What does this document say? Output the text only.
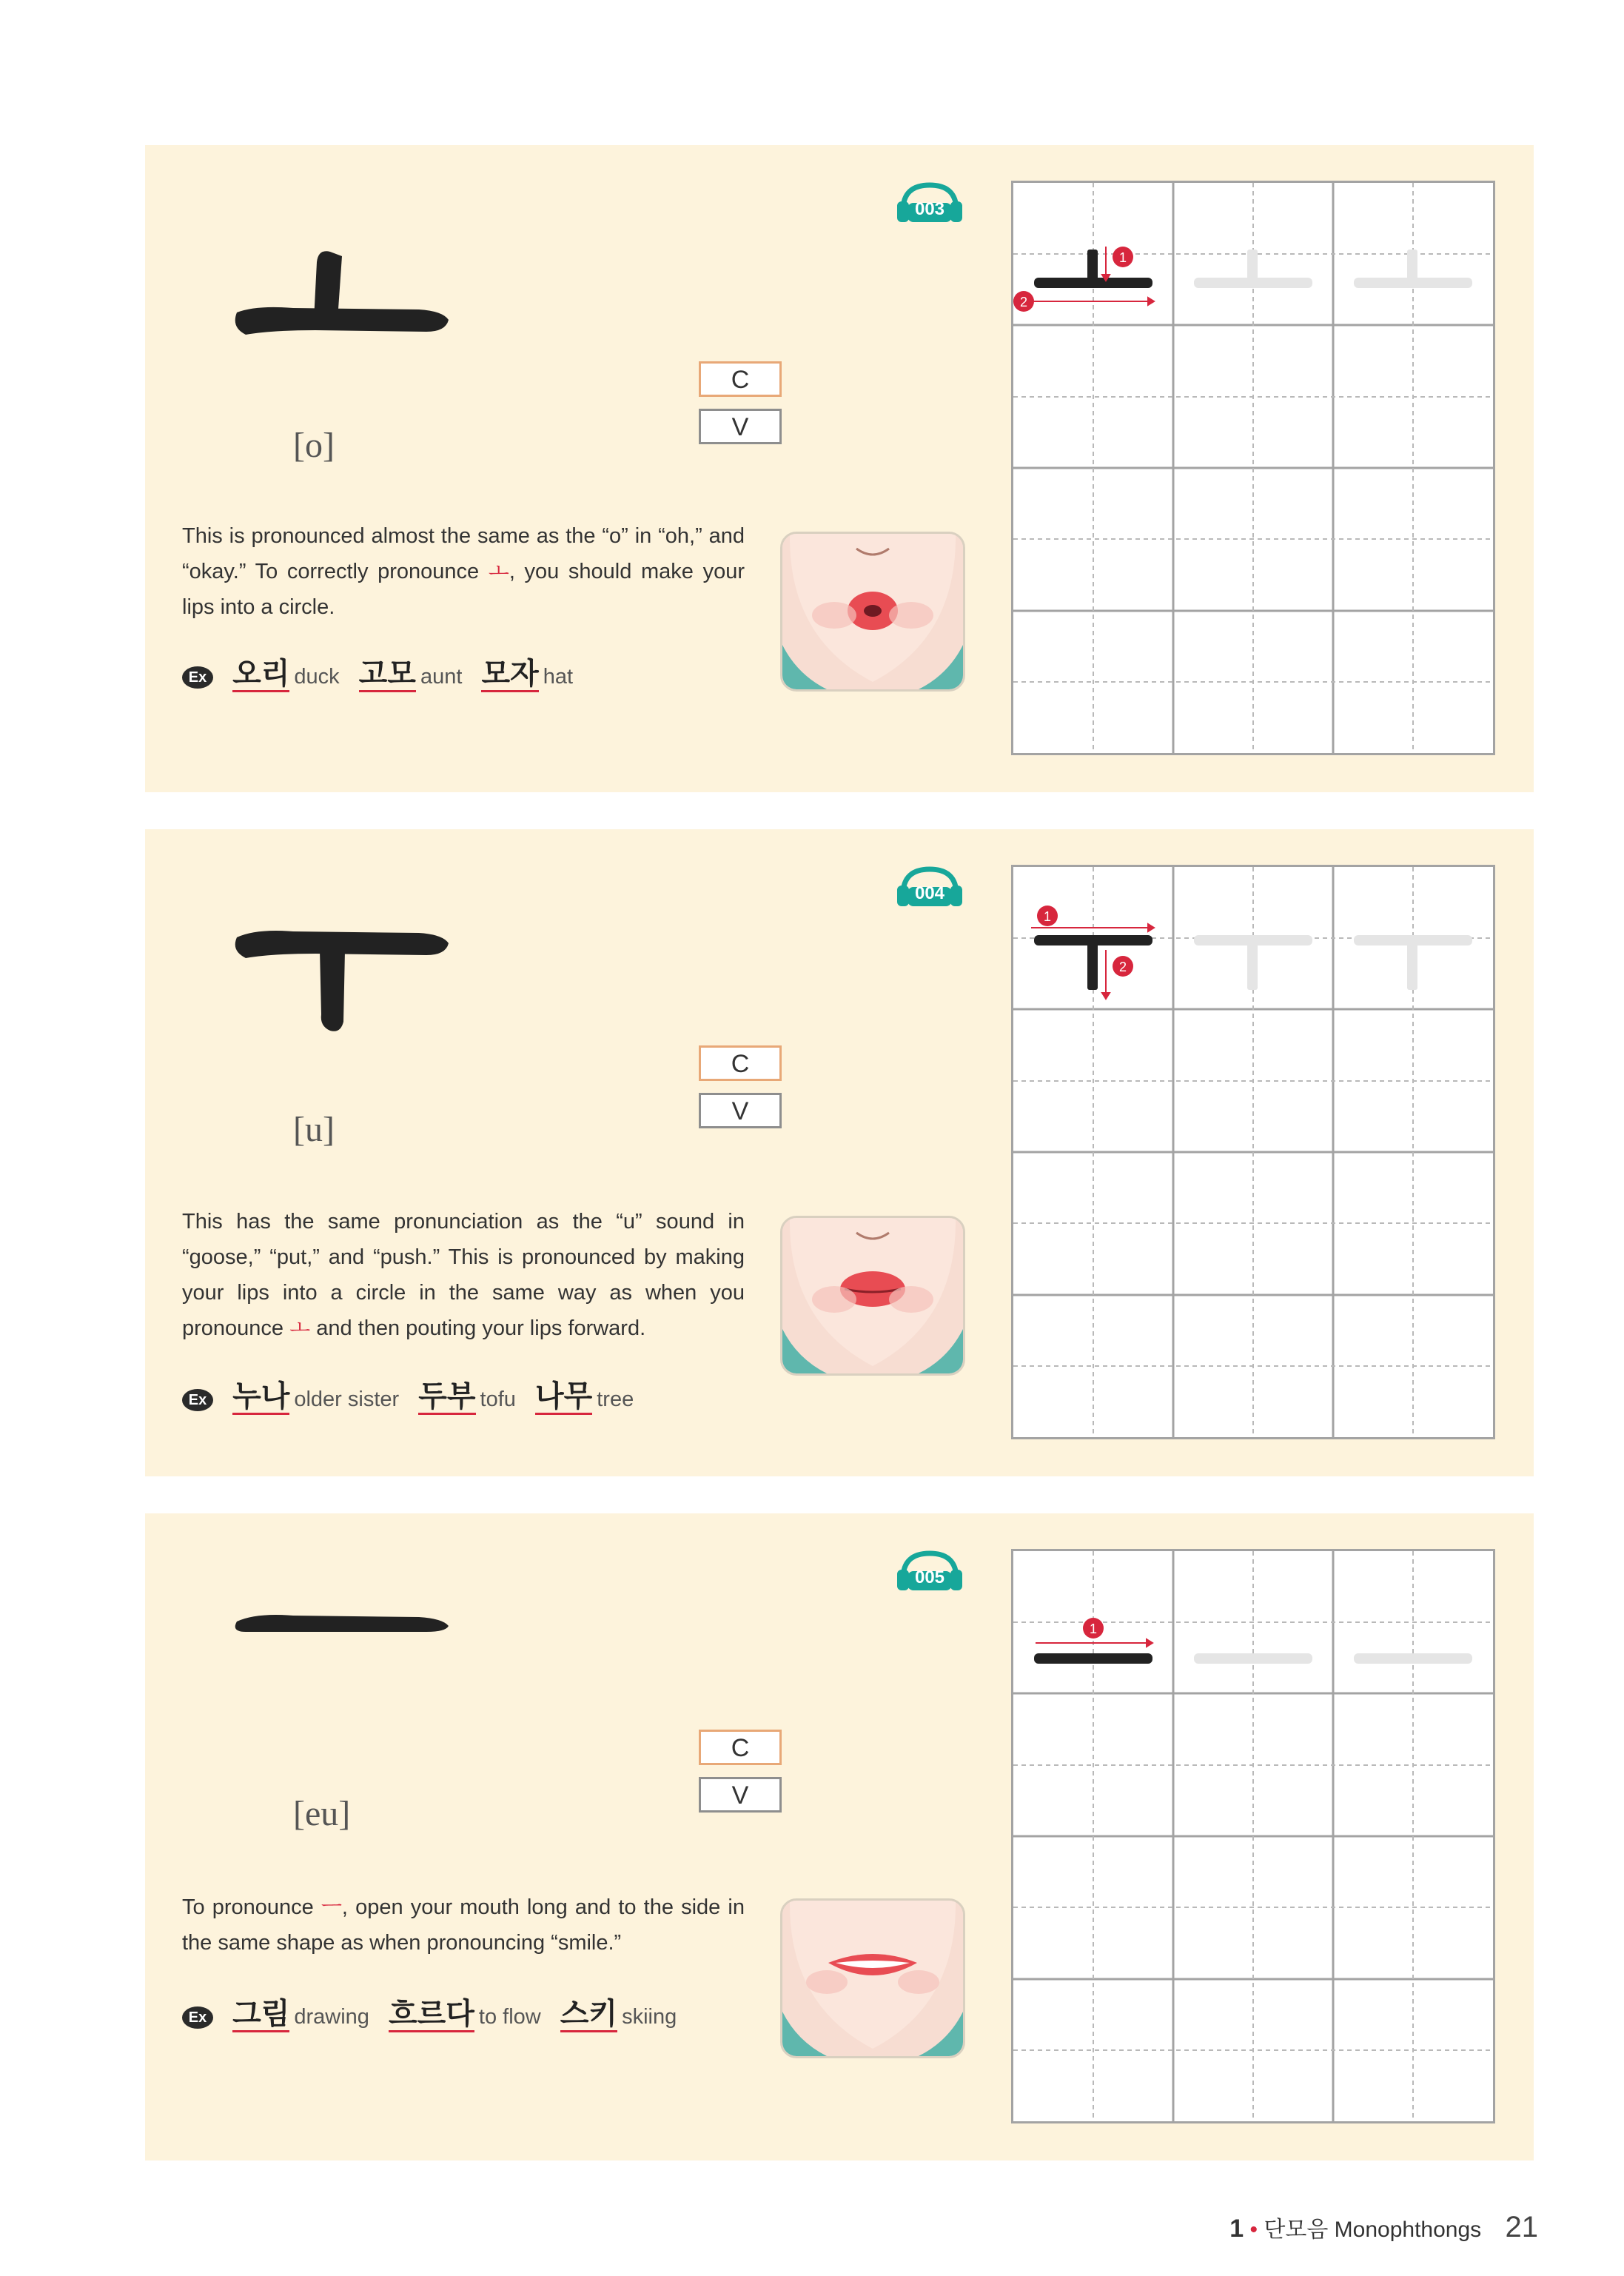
[o]
003
C
V
This is pronounced almost the same as the “o” in “oh,” and “okay.” To correctly pronounce ㅗ, you should make your lips into a circle.
Ex 오리 duck 고모 aunt 모자 hat
1
2
[u]
004
C
V
This has the same pronunciation as the “u” sound in “goose,” “put,” and “push.” This is pronounced by making your lips into a circle in the same way as when you pronounce ㅗ and then pouting your lips forward.
Ex 누나 older sister 두부 tofu 나무 tree
1
2
[eu]
005
C
V
To pronounce ㅡ, open your mouth long and to the side in the same shape as when pronouncing “smile.”
Ex 그림 drawing 흐르다 to flow 스키 skiing
1
1 • 단모음 Monophthongs 21
